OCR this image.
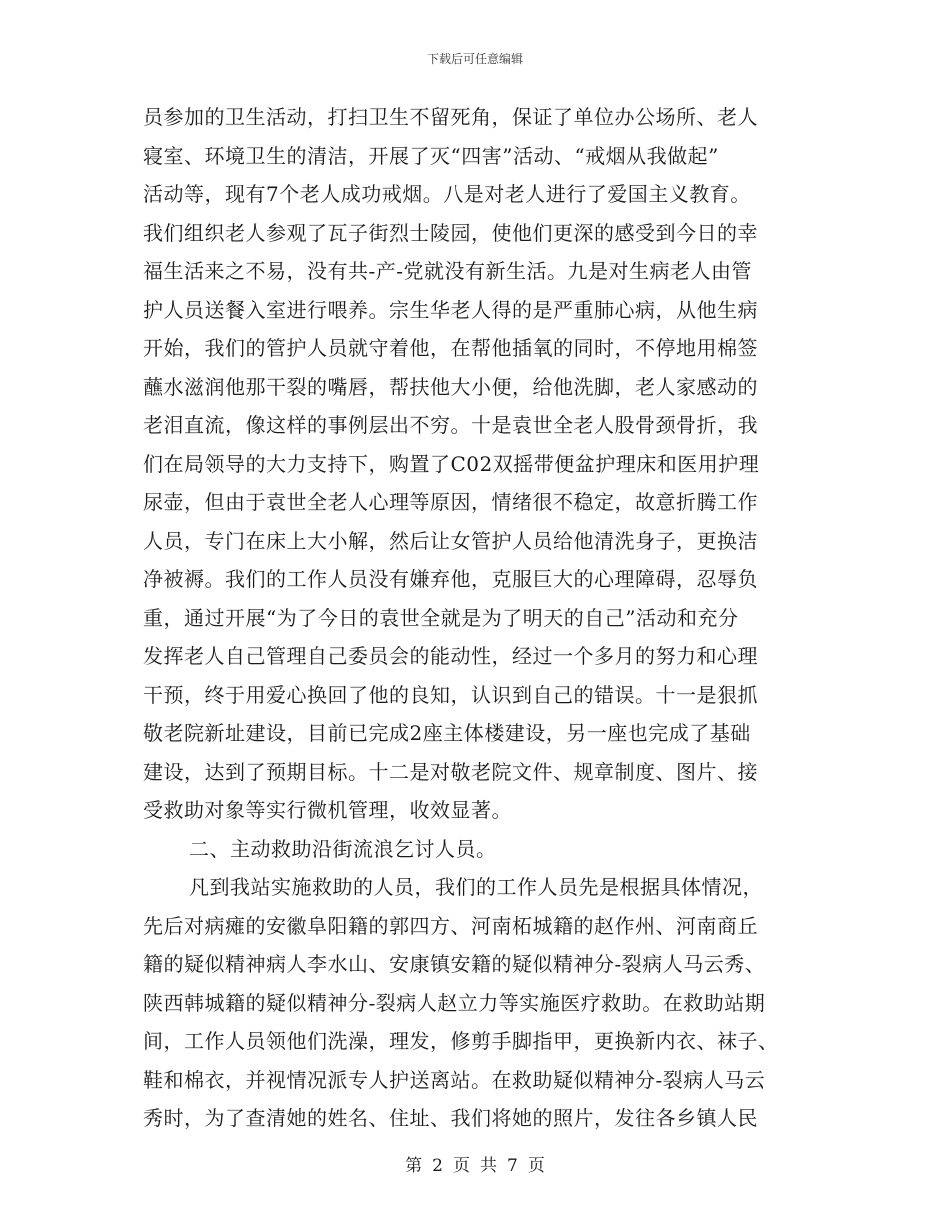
下载后可任意编辑
员参加的卫生活动，打扫卫生不留死角，保证了单位办公场所、老人
寝室、环境卫生的清洁，开展了灭“四害”活动、“戒烟从我做起”
活动等，现有7个老人成功戒烟。八是对老人进行了爱国主义教育。
我们组织老人参观了瓦子街烈士陵园，使他们更深的感受到今日的幸
福生活来之不易，没有共-产-党就没有新生活。九是对生病老人由管
护人员送餐入室进行喂养。宗生华老人得的是严重肺心病，从他生病
开始，我们的管护人员就守着他，在帮他插氧的同时，不停地用棉签
蘸水滋润他那干裂的嘴唇，帮扶他大小便，给他洗脚，老人家感动的
老泪直流，像这样的事例层出不穷。十是袁世全老人股骨颈骨折，我
们在局领导的大力支持下，购置了C02双摇带便盆护理床和医用护理
尿壶，但由于袁世全老人心理等原因，情绪很不稳定，故意折腾工作
人员，专门在床上大小解，然后让女管护人员给他清洗身子，更换洁
净被褥。我们的工作人员没有嫌弃他，克服巨大的心理障碍，忍辱负
重，通过开展“为了今日的袁世全就是为了明天的自己”活动和充分
发挥老人自己管理自己委员会的能动性，经过一个多月的努力和心理
干预，终于用爱心换回了他的良知，认识到自己的错误。十一是狠抓
敬老院新址建设，目前已完成2座主体楼建设，另一座也完成了基础
建设，达到了预期目标。十二是对敬老院文件、规章制度、图片、接
受救助对象等实行微机管理，收效显著。
二、主动救助沿街流浪乞讨人员。
凡到我站实施救助的人员，我们的工作人员先是根据具体情况，
先后对病瘫的安徽阜阳籍的郭四方、河南柘城籍的赵作州、河南商丘
籍的疑似精神病人李水山、安康镇安籍的疑似精神分-裂病人马云秀、
陕西韩城籍的疑似精神分-裂病人赵立力等实施医疗救助。在救助站期
间，工作人员领他们洗澡，理发，修剪手脚指甲，更换新内衣、袜子、
鞋和棉衣，并视情况派专人护送离站。在救助疑似精神分-裂病人马云
秀时，为了查清她的姓名、住址、我们将她的照片，发往各乡镇人民
第 2 页 共 7 页
